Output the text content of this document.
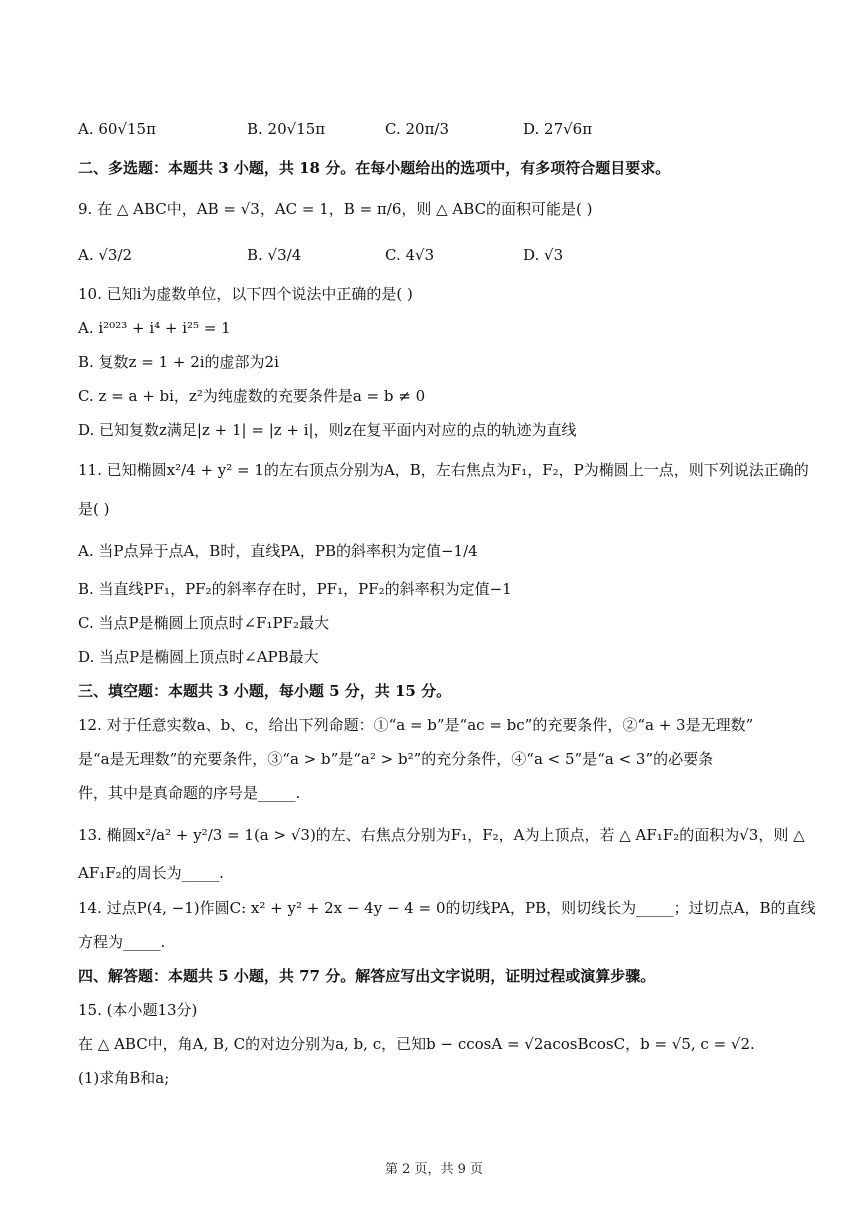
A. 60√15π	B. 20√15π	C. 20π/3	D. 27√6π
二、多选题：本题共 3 小题，共 18 分。在每小题给出的选项中，有多项符合题目要求。
9. 在 △ ABC中，AB = √3，AC = 1，B = π/6，则 △ ABC的面积可能是( )
A. √3/2	B. √3/4	C. 4√3	D. √3
10. 已知i为虚数单位，以下四个说法中正确的是( )
A. i²⁰²³ + i⁴ + i²⁵ = 1
B. 复数z = 1 + 2i的虚部为2i
C. z = a + bi，z²为纯虚数的充要条件是a = b ≠ 0
D. 已知复数z满足|z + 1| = |z + i|，则z在复平面内对应的点的轨迹为直线
11. 已知椭圆x²/4 + y² = 1的左右顶点分别为A，B，左右焦点为F₁，F₂，P为椭圆上一点，则下列说法正确的
是( )
A. 当P点异于点A，B时，直线PA，PB的斜率积为定值−1/4
B. 当直线PF₁，PF₂的斜率存在时，PF₁，PF₂的斜率积为定值−1
C. 当点P是椭圆上顶点时∠F₁PF₂最大
D. 当点P是椭圆上顶点时∠APB最大
三、填空题：本题共 3 小题，每小题 5 分，共 15 分。
12. 对于任意实数a、b、c，给出下列命题：①“a = b”是“ac = bc”的充要条件，②“a + 3是无理数”
是“a是无理数”的充要条件，③“a > b”是“a² > b²”的充分条件，④“a < 5”是“a < 3”的必要条
件，其中是真命题的序号是_____.
13. 椭圆x²/a² + y²/3 = 1(a > √3)的左、右焦点分别为F₁，F₂，A为上顶点，若 △ AF₁F₂的面积为√3，则 △
AF₁F₂的周长为_____.
14. 过点P(4, −1)作圆C: x² + y² + 2x − 4y − 4 = 0的切线PA，PB，则切线长为_____；过切点A，B的直线
方程为_____.
四、解答题：本题共 5 小题，共 77 分。解答应写出文字说明，证明过程或演算步骤。
15. (本小题13分)
在 △ ABC中，角A, B, C的对边分别为a, b, c，已知b − ccosA = √2acosBcosC，b = √5, c = √2.
(1)求角B和a;
第 2 页，共 9 页
